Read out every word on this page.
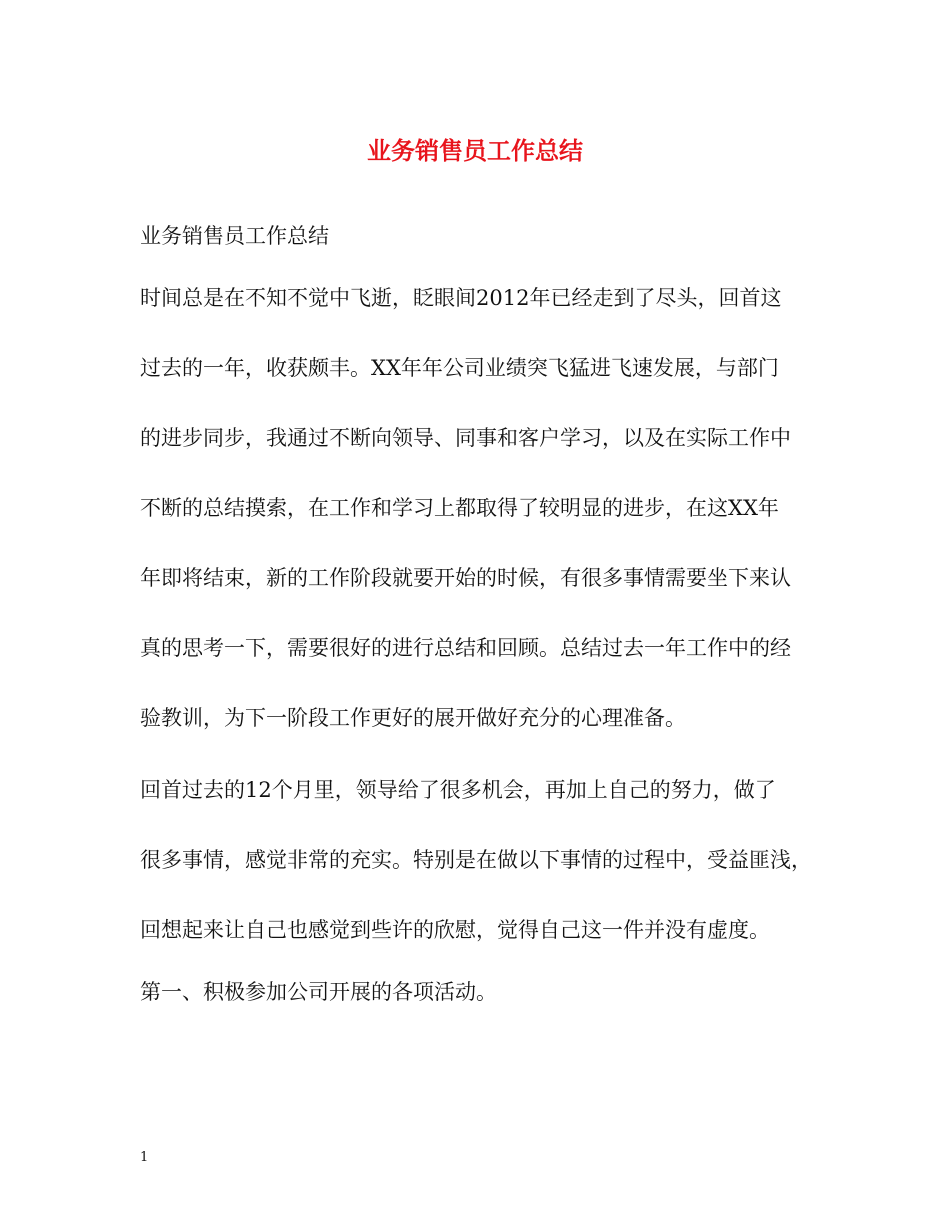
业务销售员工作总结

业务销售员工作总结

时间总是在不知不觉中飞逝，眨眼间2012年已经走到了尽头，回首这

过去的一年，收获颇丰。XX年年公司业绩突飞猛进飞速发展，与部门

的进步同步，我通过不断向领导、同事和客户学习，以及在实际工作中

不断的总结摸索，在工作和学习上都取得了较明显的进步，在这XX年

年即将结束，新的工作阶段就要开始的时候，有很多事情需要坐下来认

真的思考一下，需要很好的进行总结和回顾。总结过去一年工作中的经

验教训，为下一阶段工作更好的展开做好充分的心理准备。

回首过去的12个月里，领导给了很多机会，再加上自己的努力，做了

很多事情，感觉非常的充实。特别是在做以下事情的过程中，受益匪浅，

回想起来让自己也感觉到些许的欣慰，觉得自己这一件并没有虚度。

第一、积极参加公司开展的各项活动。

1
